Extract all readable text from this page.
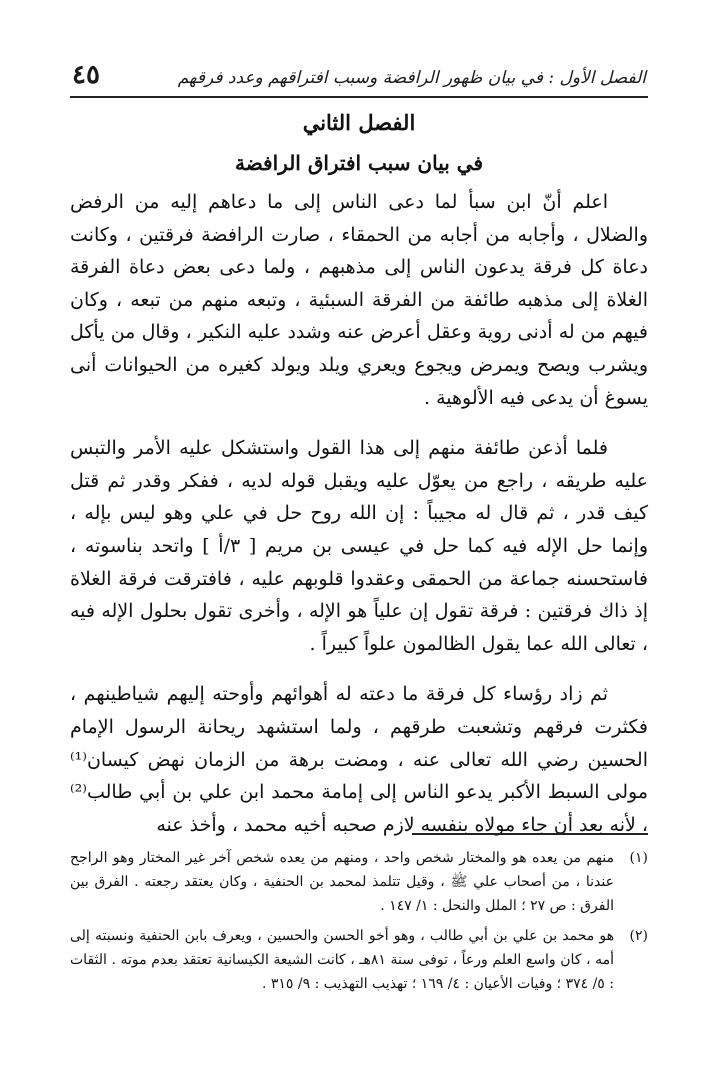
الفصل الأول : في بيان ظهور الرافضة وسبب افتراقهم وعدد فرقهم
٤٥
الفصل الثاني
في بيان سبب افتراق الرافضة

اعلم أنّ ابن سبأ لما دعى الناس إلى ما دعاهم إليه من الرفض والضلال ، وأجابه من أجابه من الحمقاء ، صارت الرافضة فرقتين ، وكانت دعاة كل فرقة يدعون الناس إلى مذهبهم ، ولما دعى بعض دعاة الفرقة الغلاة إلى مذهبه طائفة من الفرقة السبئية ، وتبعه منهم من تبعه ، وكان فيهم من له أدنى روية وعقل أعرض عنه وشدد عليه النكير ، وقال من يأكل ويشرب ويصح ويمرض ويجوع ويعري ويلد ويولد كغيره من الحيوانات أنى يسوغ أن يدعى فيه الألوهية .

فلما أذعن طائفة منهم إلى هذا القول واستشكل عليه الأمر والتبس عليه طريقه ، راجع من يعوّل عليه ويقبل قوله لديه ، ففكر وقدر ثم قتل كيف قدر ، ثم قال له مجيباً : إن الله روح حل في علي وهو ليس بإله ، وإنما حل الإله فيه كما حل في عيسى بن مريم [ ٣/أ ] واتحد بناسوته ، فاستحسنه جماعة من الحمقى وعقدوا قلوبهم عليه ، فافترقت فرقة الغلاة إذ ذاك فرقتين : فرقة تقول إن علياً هو الإله ، وأخرى تقول بحلول الإله فيه ، تعالى الله عما يقول الظالمون علواً كبيراً .

ثم زاد رؤساء كل فرقة ما دعته له أهوائهم وأوحته إليهم شياطينهم ، فكثرت فرقهم وتشعبت طرقهم ، ولما استشهد ريحانة الرسول الإمام الحسين رضي الله تعالى عنه ، ومضت برهة من الزمان نهض كيسان⁽¹⁾ مولى السبط الأكبر يدعو الناس إلى إمامة محمد ابن علي بن أبي طالب⁽²⁾ ، لأنه بعد أن جاء مولاه بنفسه لازم صحبه أخيه محمد ، وأخذ عنه

(١)
منهم من يعده هو والمختار شخص واحد ، ومنهم من يعده شخص آخر غير المختار وهو الراجح عندنا ، من أصحاب علي ﷺ ، وقيل تتلمذ لمحمد بن الحنفية ، وكان يعتقد رجعته . الفرق بين الفرق : ص ٢٧ ؛ الملل والنحل : ١/ ١٤٧ .
(٢)
هو محمد بن علي بن أبي طالب ، وهو أخو الحسن والحسين ، ويعرف بابن الحنفية ونسبته إلى أمه ، كان واسع العلم ورعاً ، توفى سنة ٨١هـ ، كانت الشيعة الكيسانية تعتقد بعدم موته . الثقات : ٥/ ٣٧٤ ؛ وفيات الأعيان : ٤/ ١٦٩ ؛ تهذيب التهذيب : ٩/ ٣١٥ .
